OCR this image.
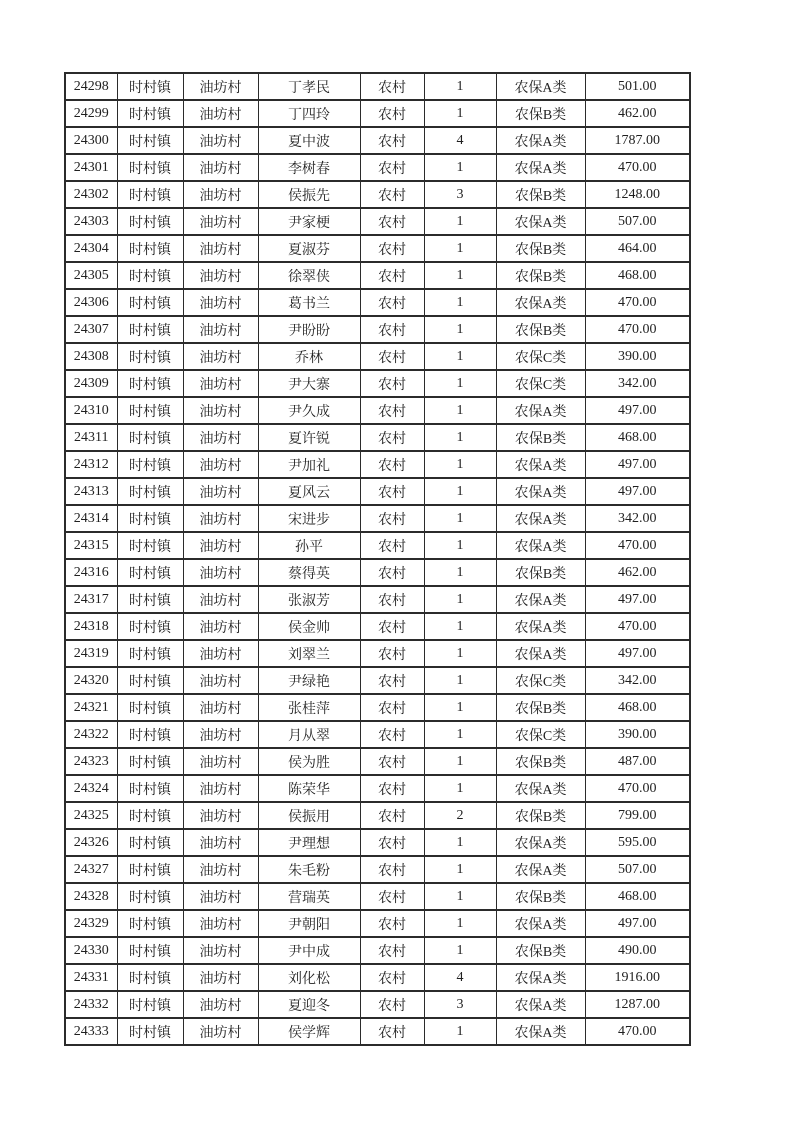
24298	时村镇	油坊村	丁孝民	农村	1	农保A类	501.00
24299	时村镇	油坊村	丁四玲	农村	1	农保B类	462.00
24300	时村镇	油坊村	夏中波	农村	4	农保A类	1787.00
24301	时村镇	油坊村	李树春	农村	1	农保A类	470.00
24302	时村镇	油坊村	侯振先	农村	3	农保B类	1248.00
24303	时村镇	油坊村	尹家梗	农村	1	农保A类	507.00
24304	时村镇	油坊村	夏淑芬	农村	1	农保B类	464.00
24305	时村镇	油坊村	徐翠侠	农村	1	农保B类	468.00
24306	时村镇	油坊村	葛书兰	农村	1	农保A类	470.00
24307	时村镇	油坊村	尹盼盼	农村	1	农保B类	470.00
24308	时村镇	油坊村	乔林	农村	1	农保C类	390.00
24309	时村镇	油坊村	尹大寨	农村	1	农保C类	342.00
24310	时村镇	油坊村	尹久成	农村	1	农保A类	497.00
24311	时村镇	油坊村	夏许锐	农村	1	农保B类	468.00
24312	时村镇	油坊村	尹加礼	农村	1	农保A类	497.00
24313	时村镇	油坊村	夏风云	农村	1	农保A类	497.00
24314	时村镇	油坊村	宋进步	农村	1	农保A类	342.00
24315	时村镇	油坊村	孙平	农村	1	农保A类	470.00
24316	时村镇	油坊村	蔡得英	农村	1	农保B类	462.00
24317	时村镇	油坊村	张淑芳	农村	1	农保A类	497.00
24318	时村镇	油坊村	侯金帅	农村	1	农保A类	470.00
24319	时村镇	油坊村	刘翠兰	农村	1	农保A类	497.00
24320	时村镇	油坊村	尹绿艳	农村	1	农保C类	342.00
24321	时村镇	油坊村	张桂萍	农村	1	农保B类	468.00
24322	时村镇	油坊村	月从翠	农村	1	农保C类	390.00
24323	时村镇	油坊村	侯为胜	农村	1	农保B类	487.00
24324	时村镇	油坊村	陈荣华	农村	1	农保A类	470.00
24325	时村镇	油坊村	侯振用	农村	2	农保B类	799.00
24326	时村镇	油坊村	尹理想	农村	1	农保A类	595.00
24327	时村镇	油坊村	朱毛粉	农村	1	农保A类	507.00
24328	时村镇	油坊村	营瑞英	农村	1	农保B类	468.00
24329	时村镇	油坊村	尹朝阳	农村	1	农保A类	497.00
24330	时村镇	油坊村	尹中成	农村	1	农保B类	490.00
24331	时村镇	油坊村	刘化松	农村	4	农保A类	1916.00
24332	时村镇	油坊村	夏迎冬	农村	3	农保A类	1287.00
24333	时村镇	油坊村	侯学辉	农村	1	农保A类	470.00
